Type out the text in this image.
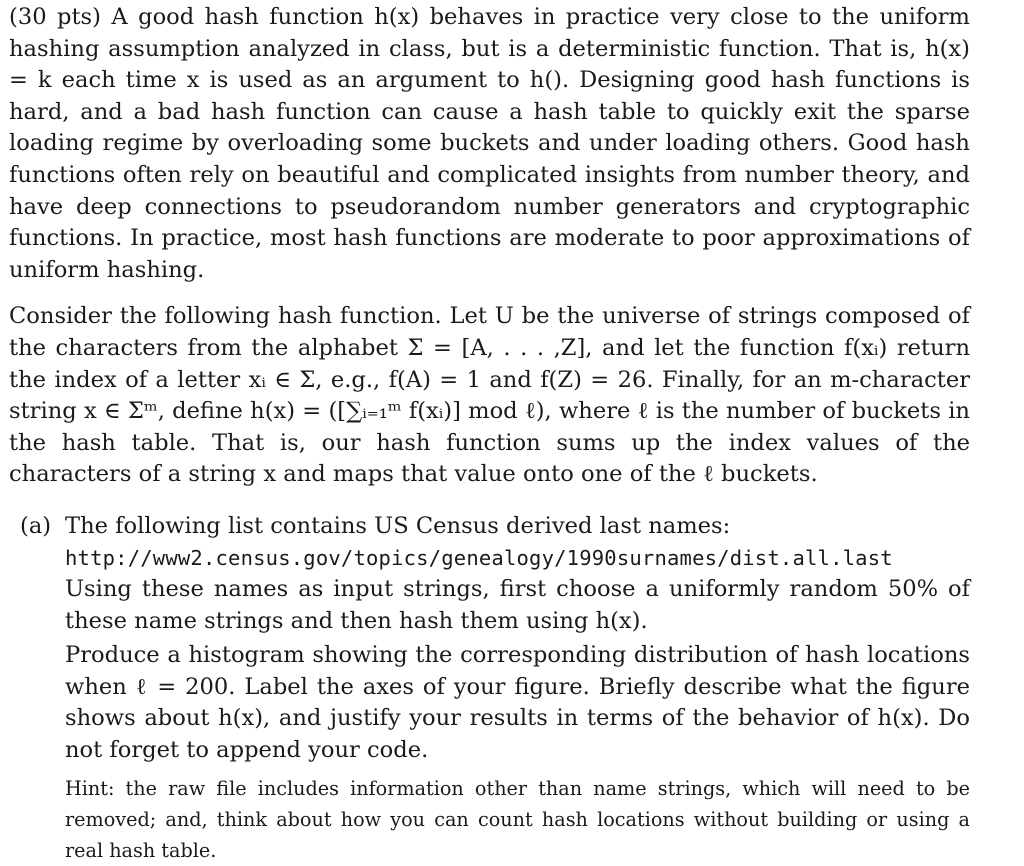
(30 pts) A good hash function h(x) behaves in practice very close to the uniform hashing assumption analyzed in class, but is a deterministic function. That is, h(x) = k each time x is used as an argument to h(). Designing good hash functions is hard, and a bad hash function can cause a hash table to quickly exit the sparse loading regime by overloading some buckets and under loading others. Good hash functions often rely on beautiful and complicated insights from number theory, and have deep connections to pseudorandom number generators and cryptographic functions. In practice, most hash functions are moderate to poor approximations of uniform hashing.

Consider the following hash function. Let U be the universe of strings composed of the characters from the alphabet Σ = [A, . . . ,Z], and let the function f(xᵢ) return the index of a letter xᵢ ∈ Σ, e.g., f(A) = 1 and f(Z) = 26. Finally, for an m-character string x ∈ Σᵐ, define h(x) = ([∑ᵢ₌₁ᵐ f(xᵢ)] mod ℓ), where ℓ is the number of buckets in the hash table. That is, our hash function sums up the index values of the characters of a string x and maps that value onto one of the ℓ buckets.

(a) The following list contains US Census derived last names:
http://www2.census.gov/topics/genealogy/1990surnames/dist.all.last
Using these names as input strings, first choose a uniformly random 50% of these name strings and then hash them using h(x).

Produce a histogram showing the corresponding distribution of hash locations when ℓ = 200. Label the axes of your figure. Briefly describe what the figure shows about h(x), and justify your results in terms of the behavior of h(x). Do not forget to append your code.

Hint: the raw file includes information other than name strings, which will need to be removed; and, think about how you can count hash locations without building or using a real hash table.
